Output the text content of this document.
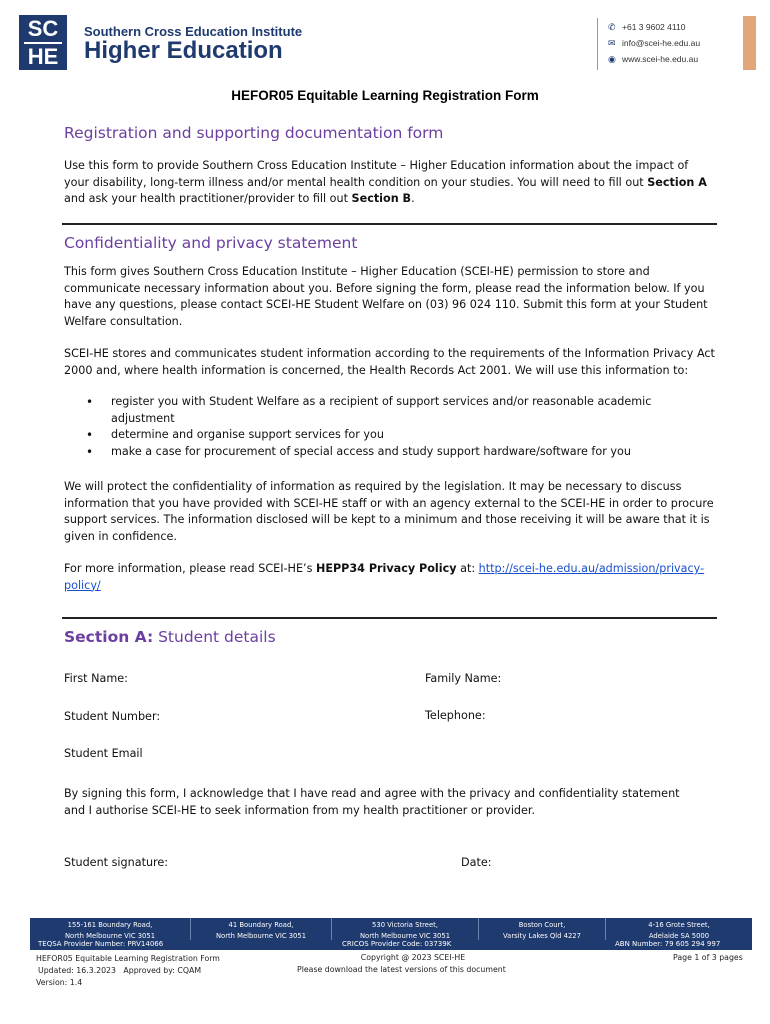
SC
HE
Southern Cross Education Institute
Higher Education
✆ +61 3 9602 4110
✉ info@scei-he.edu.au
◉ www.scei-he.edu.au
HEFOR05 Equitable Learning Registration Form
Registration and supporting documentation form
Use this form to provide Southern Cross Education Institute – Higher Education information about the impact of your disability, long-term illness and/or mental health condition on your studies. You will need to fill out Section A and ask your health practitioner/provider to fill out Section B.
Confidentiality and privacy statement
This form gives Southern Cross Education Institute – Higher Education (SCEI-HE) permission to store and communicate necessary information about you. Before signing the form, please read the information below. If you have any questions, please contact SCEI-HE Student Welfare on (03) 96 024 110. Submit this form at your Student Welfare consultation.
SCEI-HE stores and communicates student information according to the requirements of the Information Privacy Act 2000 and, where health information is concerned, the Health Records Act 2001. We will use this information to:
• register you with Student Welfare as a recipient of support services and/or reasonable academic adjustment
• determine and organise support services for you
• make a case for procurement of special access and study support hardware/software for you
We will protect the confidentiality of information as required by the legislation. It may be necessary to discuss information that you have provided with SCEI-HE staff or with an agency external to the SCEI-HE in order to procure support services. The information disclosed will be kept to a minimum and those receiving it will be aware that it is given in confidence.
For more information, please read SCEI-HE’s HEPP34 Privacy Policy at: http://scei-he.edu.au/admission/privacy-policy/
Section A: Student details
First Name:	Family Name:
Student Number:	Telephone:
Student Email
By signing this form, I acknowledge that I have read and agree with the privacy and confidentiality statement and I authorise SCEI-HE to seek information from my health practitioner or provider.
Student signature:	Date:
155-161 Boundary Road,
North Melbourne VIC 3051
41 Boundary Road,
North Melbourne VIC 3051
530 Victoria Street,
North Melbourne VIC 3051
Boston Court,
Varsity Lakes Qld 4227
4-16 Grote Street,
Adelaide SA 5000
TEQSA Provider Number: PRV14066	CRICOS Provider Code: 03739K	ABN Number: 79 605 294 997
HEFOR05 Equitable Learning Registration Form
Updated: 16.3.2023 Approved by: CQAM
Version: 1.4
Copyright @ 2023 SCEI-HE
Please download the latest versions of this document
Page 1 of 3 pages
